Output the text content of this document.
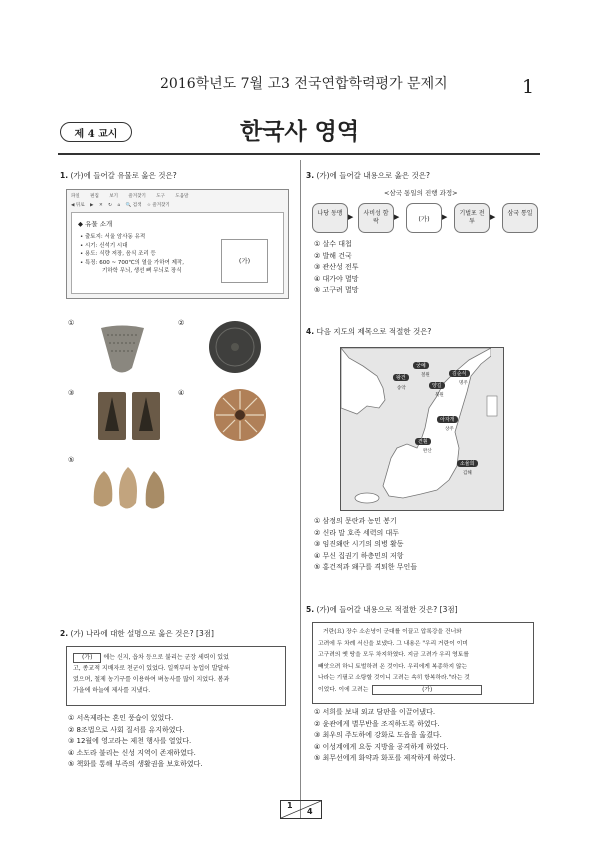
2016학년도 7월 고3 전국연합학력평가 문제지	1
제 4 교시	한국사 영역
1. (가)에 들어갈 유물로 옳은 것은?
파일 편집 보기 즐겨찾기 도구 도움말
◀ 뒤로 ▶ ✕ ↻ ⌂ 🔍 검색 ☆ 즐겨찾기
◆ 유물 소개
• 출토지: 서울 암사동 유적
• 시기: 신석기 시대
• 용도: 식량 저장, 음식 조리 등
• 특징: 600 ~ 700℃의 열을 가하여 제작,
기하학 무늬, 생선 뼈 무늬로 장식
(가)
①	②
③	④
⑤
2. (가) 나라에 대한 설명으로 옳은 것은? [3점]
(가) 에는 신지, 읍차 등으로 불리는 군장 세력이 있었
고, 종교적 지배자로 천군이 있었다. 일찍부터 농업이 발달하
였으며, 철제 농기구를 이용하여 벼농사를 많이 지었다. 봄과
가을에 하늘에 제사를 지냈다.
① 서옥제라는 혼인 풍습이 있었다.
② 8조법으로 사회 질서를 유지하였다.
③ 12월에 영고라는 제천 행사를 열었다.
④ 소도라 불리는 신성 지역이 존재하였다.
⑤ 책화를 통해 부족의 생활권을 보호하였다.
3. (가)에 들어갈 내용으로 옳은 것은?
<삼국 통일의 진행 과정>
나당 동맹 ▶	사비성 함락
▶	(가)	▶	기벌포 전투
▶	삼국 통일
① 살수 대첩
② 발해 건국
③ 관산성 전투
④ 대가야 멸망
⑤ 고구려 멸망
4. 다음 지도의 제목으로 적절한 것은?
궁예
철원
왕건
송악	양길
북원
김순식
명주
아자개
상주
견훤
완산
소율희
김해
① 삼정의 문란과 농민 봉기
② 신라 말 호족 세력의 대두
③ 임진왜란 시기의 의병 활동
④ 무신 집권기 하층민의 저항
⑤ 홍건적과 왜구를 격퇴한 무인들
5. (가)에 들어갈 내용으로 적절한 것은? [3점]
거란(요) 장수 소손녕이 군대를 이끌고 압록강을 건너와
고려에 두 차례 서신을 보냈다. 그 내용은 "우리 거란이 이미
고구려의 옛 땅을 모두 차지하였다. 지금 고려가 우리 영토를
빼앗으려 하니 토벌하려 온 것이다. 우리에게 복종하지 않는
나라는 기필코 소탕할 것이니 고려는 속히 항복하라."라는 것
이었다. 이에 고려는	(가)
① 서희를 보내 외교 담판을 이끌어냈다.
② 윤관에게 별무반을 조직하도록 하였다.
③ 최우의 주도하에 강화로 도읍을 옮겼다.
④ 이성계에게 요동 지방을 공격하게 하였다.
⑤ 최무선에게 화약과 화포를 제작하게 하였다.
1
4
